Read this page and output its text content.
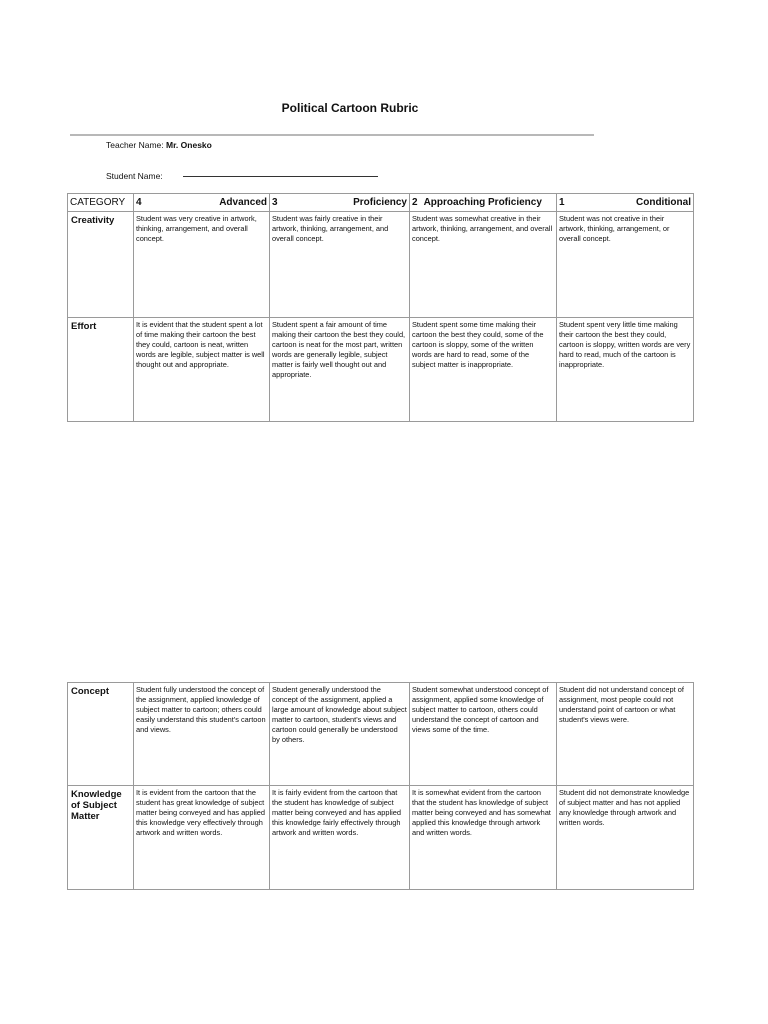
Political Cartoon Rubric
Teacher Name: Mr. Onesko
Student Name:
CATEGORY	4 Advanced	3 Proficiency	2 Approaching Proficiency	1 Conditional

Creativity	Student was very creative in artwork, thinking, arrangement, and overall concept.	Student was fairly creative in their artwork, thinking, arrangement, and overall concept.	Student was somewhat creative in their artwork, thinking, arrangement, and overall concept.	Student was not creative in their artwork, thinking, arrangement, or overall concept.
Effort	It is evident that the student spent a lot of time making their cartoon the best they could, cartoon is neat, written words are legible, subject matter is well thought out and appropriate.	Student spent a fair amount of time making their cartoon the best they could, cartoon is neat for the most part, written words are generally legible, subject matter is fairly well thought out and appropriate.	Student spent some time making their cartoon the best they could, some of the cartoon is sloppy, some of the written words are hard to read, some of the subject matter is inappropriate.	Student spent very little time making their cartoon the best they could, cartoon is sloppy, written words are very hard to read, much of the cartoon is inappropriate.
Concept	Student fully understood the concept of the assignment, applied knowledge of subject matter to cartoon; others could easily understand this student's cartoon and views.	Student generally understood the concept of the assignment, applied a large amount of knowledge about subject matter to cartoon, student's views and cartoon could generally be understood by others.	Student somewhat understood concept of assignment, applied some knowledge of subject matter to cartoon, others could understand the concept of cartoon and views some of the time.	Student did not understand concept of assignment, most people could not understand point of cartoon or what student's views were.
Knowledge of Subject Matter	It is evident from the cartoon that the student has great knowledge of subject matter being conveyed and has applied this knowledge very effectively through artwork and written words.	It is fairly evident from the cartoon that the student has knowledge of subject matter being conveyed and has applied this knowledge fairly effectively through artwork and written words.	It is somewhat evident from the cartoon that the student has knowledge of subject matter being conveyed and has somewhat applied this knowledge through artwork and written words.	Student did not demonstrate knowledge of subject matter and has not applied any knowledge through artwork and written words.
